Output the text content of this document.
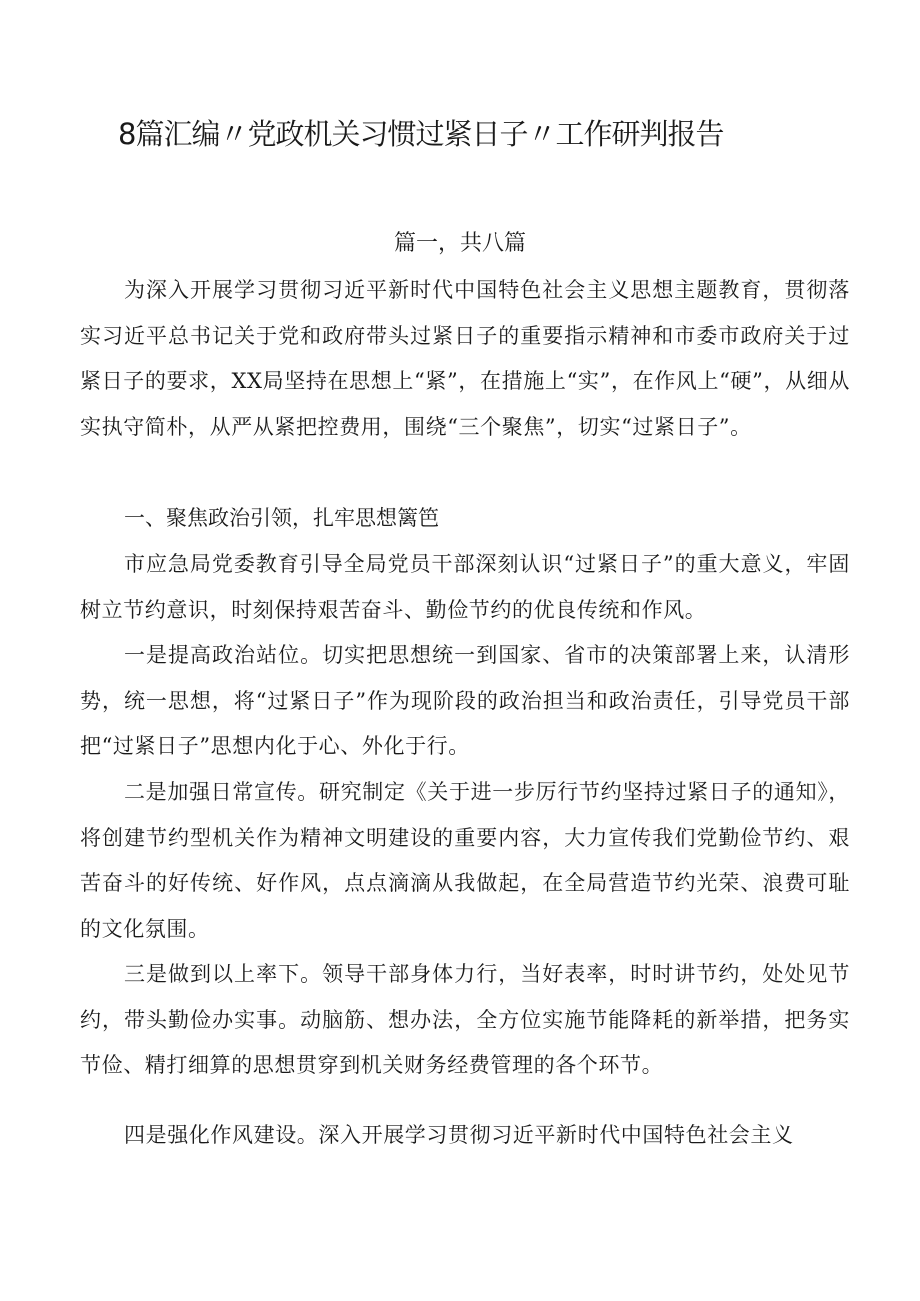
8篇汇编〃党政机关习惯过紧日子〃工作研判报告
篇一，共八篇

为深入开展学习贯彻习近平新时代中国特色社会主义思想主题教育，贯彻落实习近平总书记关于党和政府带头过紧日子的重要指示精神和市委市政府关于过紧日子的要求，XX局坚持在思想上“紧”，在措施上“实”，在作风上“硬”，从细从实执守简朴，从严从紧把控费用，围绕“三个聚焦”，切实“过紧日子”。

一、聚焦政治引领，扎牢思想篱笆

市应急局党委教育引导全局党员干部深刻认识“过紧日子”的重大意义，牢固树立节约意识，时刻保持艰苦奋斗、勤俭节约的优良传统和作风。

一是提高政治站位。切实把思想统一到国家、省市的决策部署上来，认清形势，统一思想，将“过紧日子”作为现阶段的政治担当和政治责任，引导党员干部把“过紧日子”思想内化于心、外化于行。

二是加强日常宣传。研究制定《关于进一步厉行节约坚持过紧日子的通知》，将创建节约型机关作为精神文明建设的重要内容，大力宣传我们党勤俭节约、艰苦奋斗的好传统、好作风，点点滴滴从我做起，在全局营造节约光荣、浪费可耻的文化氛围。

三是做到以上率下。领导干部身体力行，当好表率，时时讲节约，处处见节约，带头勤俭办实事。动脑筋、想办法，全方位实施节能降耗的新举措，把务实节俭、精打细算的思想贯穿到机关财务经费管理的各个环节。

四是强化作风建设。深入开展学习贯彻习近平新时代中国特色社会主义
